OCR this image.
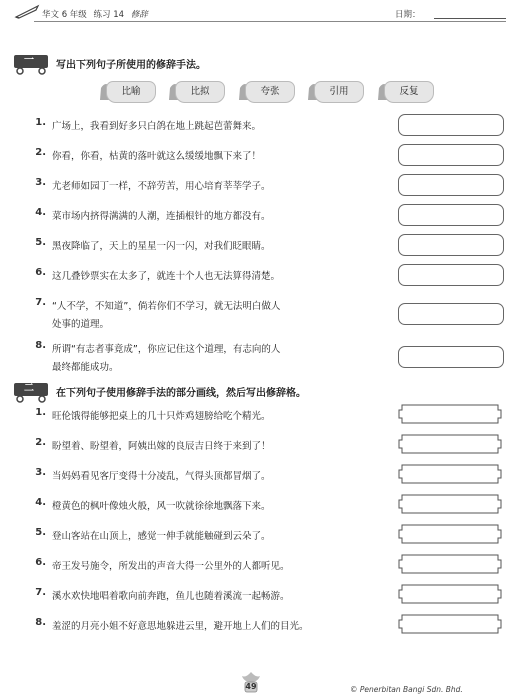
华文 6 年级 练习 14 修辞	日期：
一	写出下列句子所使用的修辞手法。
比喻	比拟	夸张	引用	反复
1. 广场上，我看到好多只白鸽在地上跳起芭蕾舞来。
2. 你看，你看，枯黄的落叶就这么缓缓地飘下来了！
3. 尤老师如园丁一样，不辞劳苦，用心培育莘莘学子。
4. 菜市场内挤得满满的人潮，连插根针的地方都没有。
5. 黑夜降临了，天上的星星一闪一闪，对我们眨眼睛。
6. 这几叠钞票实在太多了，就连十个人也无法算得清楚。
7. “人不学，不知道”，倘若你们不学习，就无法明白做人
处事的道理。
8. 所谓“有志者事竟成”，你应记住这个道理，有志向的人
最终都能成功。
二	在下列句子使用修辞手法的部分画线，然后写出修辞格。
1. 旺伦饿得能够把桌上的几十只炸鸡翅膀给吃个精光。
2. 盼望着、盼望着，阿姨出嫁的良辰吉日终于来到了！
3. 当妈妈看见客厅变得十分凌乱，气得头顶都冒烟了。
4. 橙黄色的枫叶像烛火般，风一吹就徐徐地飘落下来。
5. 登山客站在山顶上，感觉一伸手就能触碰到云朵了。
6. 帝王发号施令，所发出的声音大得一公里外的人都听见。
7. 溪水欢快地唱着歌向前奔跑，鱼儿也随着溪流一起畅游。
8. 羞涩的月亮小姐不好意思地躲进云里，避开地上人们的目光。
49	© Penerbitan Bangi Sdn. Bhd.
